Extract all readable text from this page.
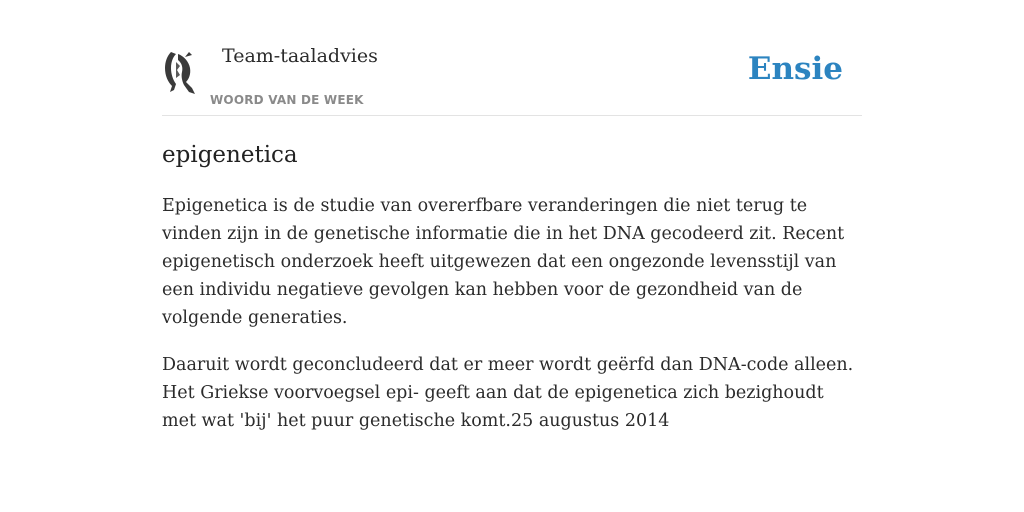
Team-taaladvies
WOORD VAN DE WEEK
Ensie
epigenetica

Epigenetica is de studie van overerfbare veranderingen die niet terug te vinden zijn in de genetische informatie die in het DNA gecodeerd zit. Recent epigenetisch onderzoek heeft uitgewezen dat een ongezonde levensstijl van een individu negatieve gevolgen kan hebben voor de gezondheid van de volgende generaties.

Daaruit wordt geconcludeerd dat er meer wordt geërfd dan DNA-code alleen. Het Griekse voorvoegsel epi- geeft aan dat de epigenetica zich bezighoudt met wat 'bij' het puur genetische komt.25 augustus 2014
